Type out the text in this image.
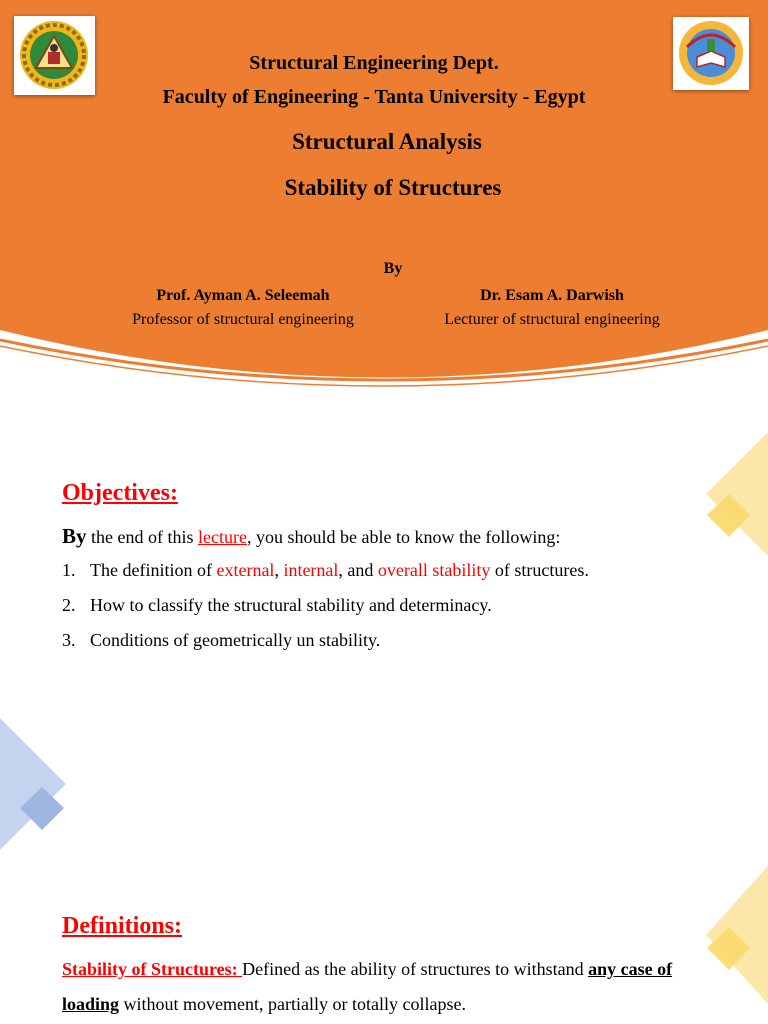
Structural Engineering Dept.
Faculty of Engineering - Tanta University - Egypt
Structural Analysis
Stability of Structures
By
Prof. Ayman A. Seleemah
Professor of structural engineering
Dr. Esam A. Darwish
Lecturer of structural engineering
Objectives:
By the end of this lecture, you should be able to know the following:
1. The definition of external, internal, and overall stability of structures.
2. How to classify the structural stability and determinacy.
3. Conditions of geometrically un stability.
Definitions:
Stability of Structures: Defined as the ability of structures to withstand any case of loading without movement, partially or totally collapse.
